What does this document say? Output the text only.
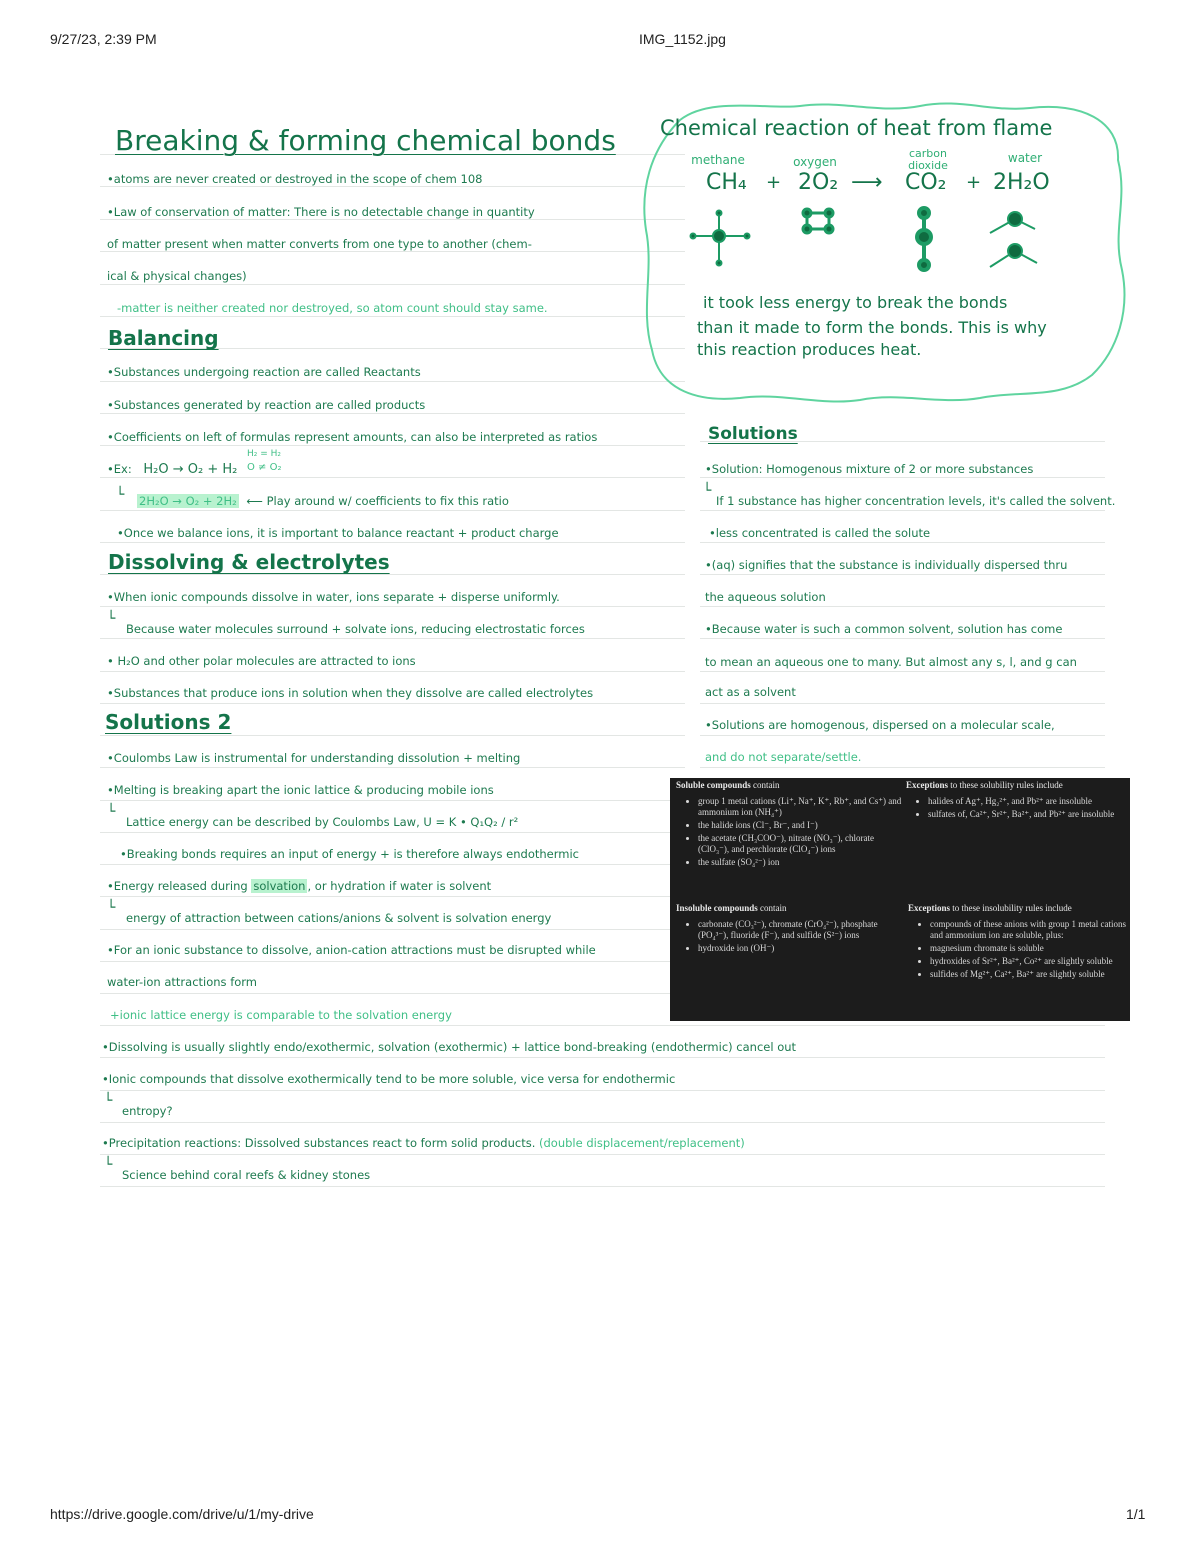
9/27/23, 2:39 PM	IMG_1152.jpg
Breaking & forming chemical bonds
•atoms are never created or destroyed in the scope of chem 108
•Law of conservation of matter: There is no detectable change in quantity
of matter present when matter converts from one type to another (chem-
ical & physical changes)
-matter is neither created nor destroyed, so atom count should stay same.
Balancing
•Substances undergoing reaction are called Reactants
•Substances generated by reaction are called products
•Coefficients on left of formulas represent amounts, can also be interpreted as ratios
•Ex: H₂O → O₂ + H₂
H₂ = H₂
O ≠ O₂
└ 2H₂O → O₂ + 2H₂ ⟵ Play around w/ coefficients to fix this ratio
•Once we balance ions, it is important to balance reactant + product charge
Dissolving & electrolytes
•When ionic compounds dissolve in water, ions separate + disperse uniformly.
└
Because water molecules surround + solvate ions, reducing electrostatic forces
• H₂O and other polar molecules are attracted to ions
•Substances that produce ions in solution when they dissolve are called electrolytes
Solutions 2
•Coulombs Law is instrumental for understanding dissolution + melting
•Melting is breaking apart the ionic lattice & producing mobile ions
└
Lattice energy can be described by Coulombs Law, U = K • Q₁Q₂ / r²
•Breaking bonds requires an input of energy + is therefore always endothermic
•Energy released during solvation , or hydration if water is solvent
└
energy of attraction between cations/anions & solvent is solvation energy
•For an ionic substance to dissolve, anion-cation attractions must be disrupted while
water-ion attractions form
+ionic lattice energy is comparable to the solvation energy
•Dissolving is usually slightly endo/exothermic, solvation (exothermic) + lattice bond-breaking (endothermic) cancel out
•Ionic compounds that dissolve exothermically tend to be more soluble, vice versa for endothermic
└
entropy?
•Precipitation reactions: Dissolved substances react to form solid products. (double displacement/replacement)
└
Science behind coral reefs & kidney stones
Chemical reaction of heat from flame
methane	oxygen
carbon dioxide
water
CH₄ + 2O₂ ⟶ CO₂ + 2H₂O
it took less energy to break the bonds
than it made to form the bonds. This is why
this reaction produces heat.
Solutions
•Solution: Homogenous mixture of 2 or more substances
└
If 1 substance has higher concentration levels, it's called the solvent.
•less concentrated is called the solute
•(aq) signifies that the substance is individually dispersed thru
the aqueous solution
•Because water is such a common solvent, solution has come
to mean an aqueous one to many. But almost any s, l, and g can
act as a solvent
•Solutions are homogenous, dispersed on a molecular scale,
and do not separate/settle.
Soluble compounds contain
• group 1 metal cations (Li⁺, Na⁺, K⁺, Rb⁺, and Cs⁺) and ammonium ion (NH₄⁺)
• the halide ions (Cl⁻, Br⁻, and I⁻)
• the acetate (CH₃COO⁻), nitrate (NO₃⁻), chlorate (ClO₃⁻), and perchlorate (ClO₄⁻) ions
• the sulfate (SO₄²⁻) ion
Exceptions to these solubility rules include
• halides of Ag⁺, Hg₂²⁺, and Pb²⁺ are insoluble
• sulfates of, Ca²⁺, Sr²⁺, Ba²⁺, and Pb²⁺ are insoluble
Insoluble compounds contain
• carbonate (CO₃²⁻), chromate (CrO₄²⁻), phosphate (PO₄³⁻), fluoride (F⁻), and sulfide (S²⁻) ions
• hydroxide ion (OH⁻)
Exceptions to these insolubility rules include
• compounds of these anions with group 1 metal cations and ammonium ion are soluble, plus:
• magnesium chromate is soluble
• hydroxides of Sr²⁺, Ba²⁺, Co²⁺ are slightly soluble
• sulfides of Mg²⁺, Ca²⁺, Ba²⁺ are slightly soluble
https://drive.google.com/drive/u/1/my-drive	1/1
